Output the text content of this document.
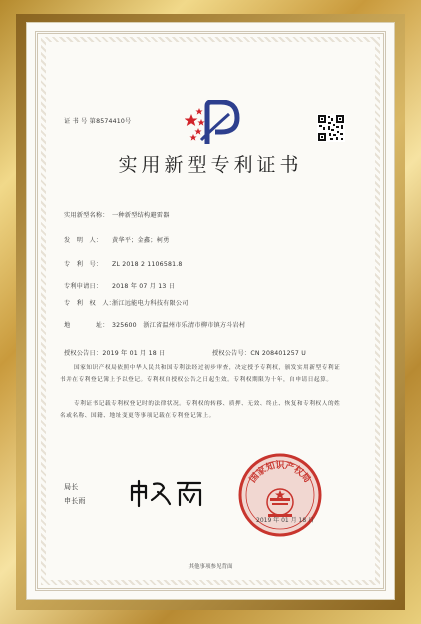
证 书 号 第8574410号
实用新型专利证书
实用新型名称： 一种新型结构避雷器
发　明　人： 黄华平；金鑫；柯勇
专　利　号： ZL 2018 2 1106581.8
专利申请日： 2018 年 07 月 13 日
专　利　权　人：浙江远能电力科技有限公司
地　　　　址： 325600　浙江省温州市乐清市柳市镇方斗岩村
授权公告日：2019 年 01 月 18 日	授权公告号：CN 208401257 U
国家知识产权局依照中华人民共和国专利法经过初步审查，决定授予专利权，颁发实用新型专利证书并在专利登记簿上予以登记。专利权自授权公告之日起生效。专利权期限为十年，自申请日起算。
专利证书记载专利权登记时的法律状况。专利权的转移、质押、无效、终止、恢复和专利权人的姓名或名称、国籍、地址变更等事项记载在专利登记簿上。
局长
申长雨
国家知识产权局
2019 年 01 月 18 日
其他事项参见背面
